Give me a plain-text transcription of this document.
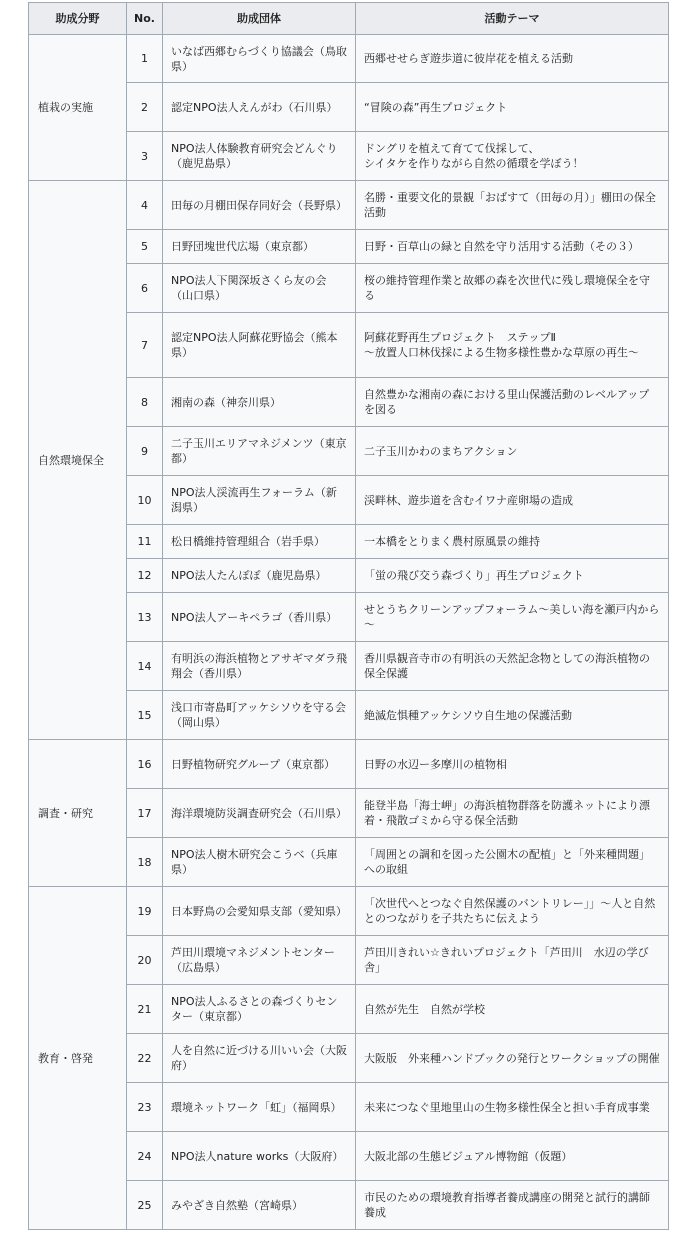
助成分野	No.	助成団体	活動テーマ
植栽の実施	1	いなば西郷むらづくり協議会（鳥取県）	西郷せせらぎ遊歩道に彼岸花を植える活動
	2	認定NPO法人えんがわ（石川県）	“冒険の森”再生プロジェクト
	3	NPO法人体験教育研究会どんぐり（鹿児島県）	ドングリを植えて育てて伐採して、
シイタケを作りながら自然の循環を学ぼう！
自然環境保全	4	田毎の月棚田保存同好会（長野県）	名勝・重要文化的景観「おばすて（田毎の月）」棚田の保全活動
	5	日野団塊世代広場（東京都）	日野・百草山の緑と自然を守り活用する活動（その３）
	6	NPO法人下関深坂さくら友の会（山口県）	桜の維持管理作業と故郷の森を次世代に残し環境保全を守る
	7	認定NPO法人阿蘇花野協会（熊本県）	阿蘇花野再生プロジェクト　ステップⅡ
～放置人口林伐採による生物多様性豊かな草原の再生～
	8	湘南の森（神奈川県）	自然豊かな湘南の森における里山保護活動のレベルアップを図る
	9	二子玉川エリアマネジメンツ（東京都）	二子玉川かわのまちアクション
	10	NPO法人渓流再生フォーラム（新潟県）	渓畔林、遊歩道を含むイワナ産卵場の造成
	11	松日橋維持管理組合（岩手県）	一本橋をとりまく農村原風景の維持
	12	NPO法人たんぽぽ（鹿児島県）	「蛍の飛び交う森づくり」再生プロジェクト
	13	NPO法人アーキペラゴ（香川県）	せとうちクリーンアップフォーラム～美しい海を瀬戸内から～
	14	有明浜の海浜植物とアサギマダラ飛翔会（香川県）	香川県観音寺市の有明浜の天然記念物としての海浜植物の保全保護
	15	浅口市寄島町アッケシソウを守る会（岡山県）	絶滅危惧種アッケシソウ自生地の保護活動
調査・研究	16	日野植物研究グループ（東京都）	日野の水辺ー多摩川の植物相
	17	海洋環境防災調査研究会（石川県）	能登半島「海士岬」の海浜植物群落を防護ネットにより漂着・飛散ゴミから守る保全活動
	18	NPO法人樹木研究会こうべ（兵庫県）	「周囲との調和を図った公園木の配植」と「外来種問題」への取組
教育・啓発	19	日本野鳥の会愛知県支部（愛知県）	「次世代へとつなぐ自然保護のバントリレー」」～人と自然とのつながりを子共たちに伝えよう
	20	芦田川環境マネジメントセンター（広島県）	芦田川きれい☆きれいプロジェクト「芦田川　水辺の学び舎」
	21	NPO法人ふるさとの森づくりセンター（東京都）	自然が先生　自然が学校
	22	人を自然に近づける川いい会（大阪府）	大阪版　外来種ハンドブックの発行とワークショップの開催
	23	環境ネットワーク「虹」（福岡県）	未来につなぐ里地里山の生物多様性保全と担い手育成事業
	24	NPO法人nature works（大阪府）	大阪北部の生態ビジュアル博物館（仮題）
	25	みやざき自然塾（宮崎県）	市民のための環境教育指導者養成講座の開発と試行的講師養成
